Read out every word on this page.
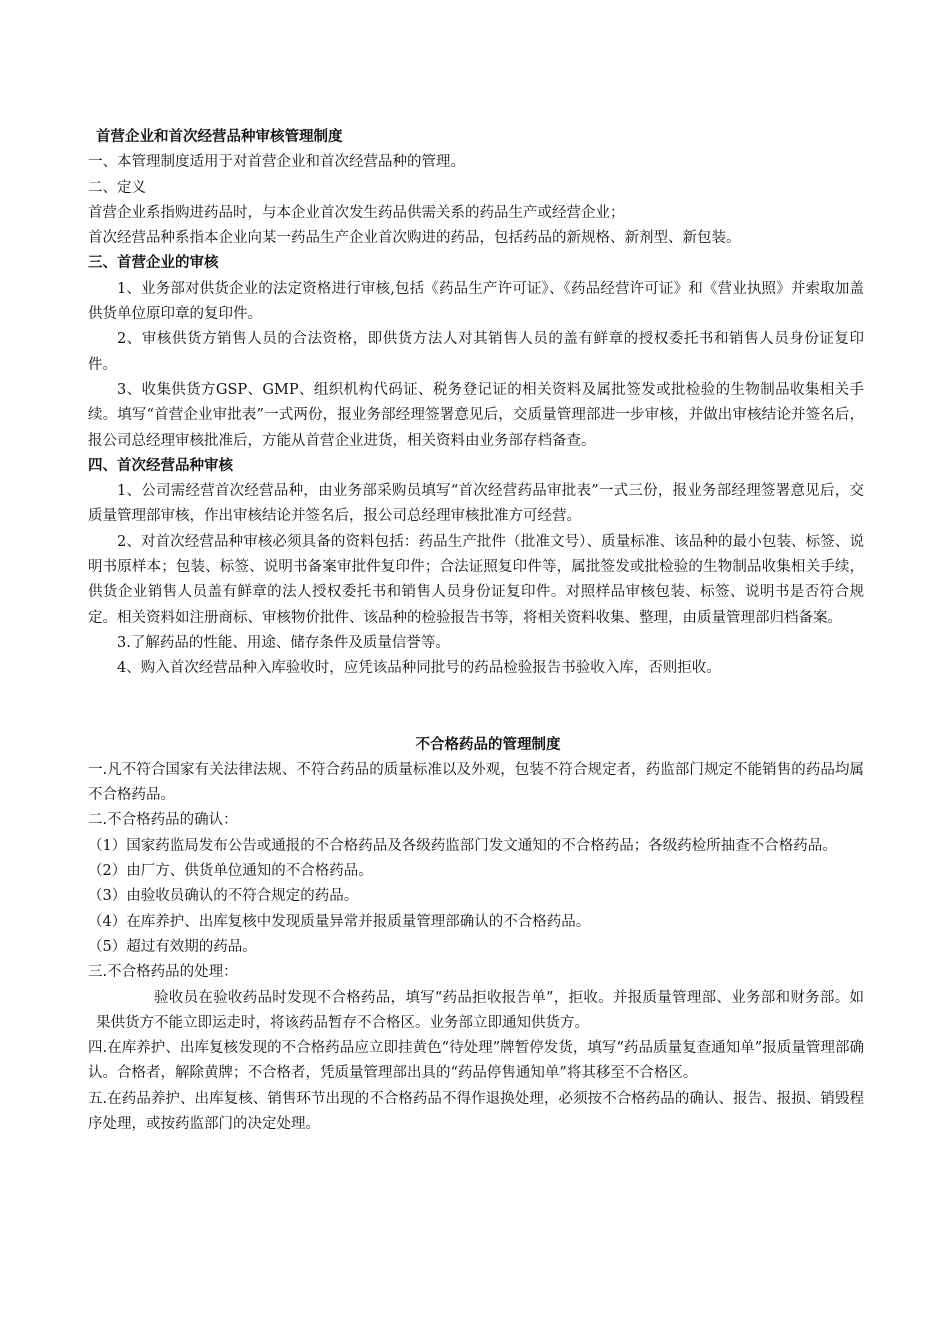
首营企业和首次经营品种审核管理制度

一、本管理制度适用于对首营企业和首次经营品种的管理。

二、定义

首营企业系指购进药品时，与本企业首次发生药品供需关系的药品生产或经营企业；

首次经营品种系指本企业向某一药品生产企业首次购进的药品，包括药品的新规格、新剂型、新包装。

三、首营企业的审核

1、业务部对供货企业的法定资格进行审核,包括《药品生产许可证》、《药品经营许可证》和《营业执照》并索取加盖供货单位原印章的复印件。

2、审核供货方销售人员的合法资格，即供货方法人对其销售人员的盖有鲜章的授权委托书和销售人员身份证复印件。

3、收集供货方GSP、GMP、组织机构代码证、税务登记证的相关资料及属批签发或批检验的生物制品收集相关手续。填写“首营企业审批表”一式两份，报业务部经理签署意见后，交质量管理部进一步审核，并做出审核结论并签名后，报公司总经理审核批准后，方能从首营企业进货，相关资料由业务部存档备查。

四、首次经营品种审核

1、公司需经营首次经营品种，由业务部采购员填写“首次经营药品审批表”一式三份，报业务部经理签署意见后，交质量管理部审核，作出审核结论并签名后，报公司总经理审核批准方可经营。

2、对首次经营品种审核必须具备的资料包括：药品生产批件（批准文号）、质量标准、该品种的最小包装、标签、说明书原样本；包装、标签、说明书备案审批件复印件；合法证照复印件等，属批签发或批检验的生物制品收集相关手续，供货企业销售人员盖有鲜章的法人授权委托书和销售人员身份证复印件。对照样品审核包装、标签、说明书是否符合规定。相关资料如注册商标、审核物价批件、该品种的检验报告书等，将相关资料收集、整理，由质量管理部归档备案。

3.了解药品的性能、用途、储存条件及质量信誉等。

4、购入首次经营品种入库验收时，应凭该品种同批号的药品检验报告书验收入库，否则拒收。

不合格药品的管理制度

一.凡不符合国家有关法律法规、不符合药品的质量标准以及外观，包装不符合规定者，药监部门规定不能销售的药品均属不合格药品。

二.不合格药品的确认：

（1）国家药监局发布公告或通报的不合格药品及各级药监部门发文通知的不合格药品；各级药检所抽查不合格药品。

（2）由厂方、供货单位通知的不合格药品。

（3）由验收员确认的不符合规定的药品。

（4）在库养护、出库复核中发现质量异常并报质量管理部确认的不合格药品。

（5）超过有效期的药品。

三.不合格药品的处理：

验收员在验收药品时发现不合格药品，填写“药品拒收报告单”，拒收。并报质量管理部、业务部和财务部。如果供货方不能立即运走时，将该药品暂存不合格区。业务部立即通知供货方。

四.在库养护、出库复核发现的不合格药品应立即挂黄色“待处理”牌暂停发货，填写“药品质量复查通知单”报质量管理部确认。合格者，解除黄牌；不合格者，凭质量管理部出具的“药品停售通知单”将其移至不合格区。

五.在药品养护、出库复核、销售环节出现的不合格药品不得作退换处理，必须按不合格药品的确认、报告、报损、销毁程序处理，或按药监部门的决定处理。
